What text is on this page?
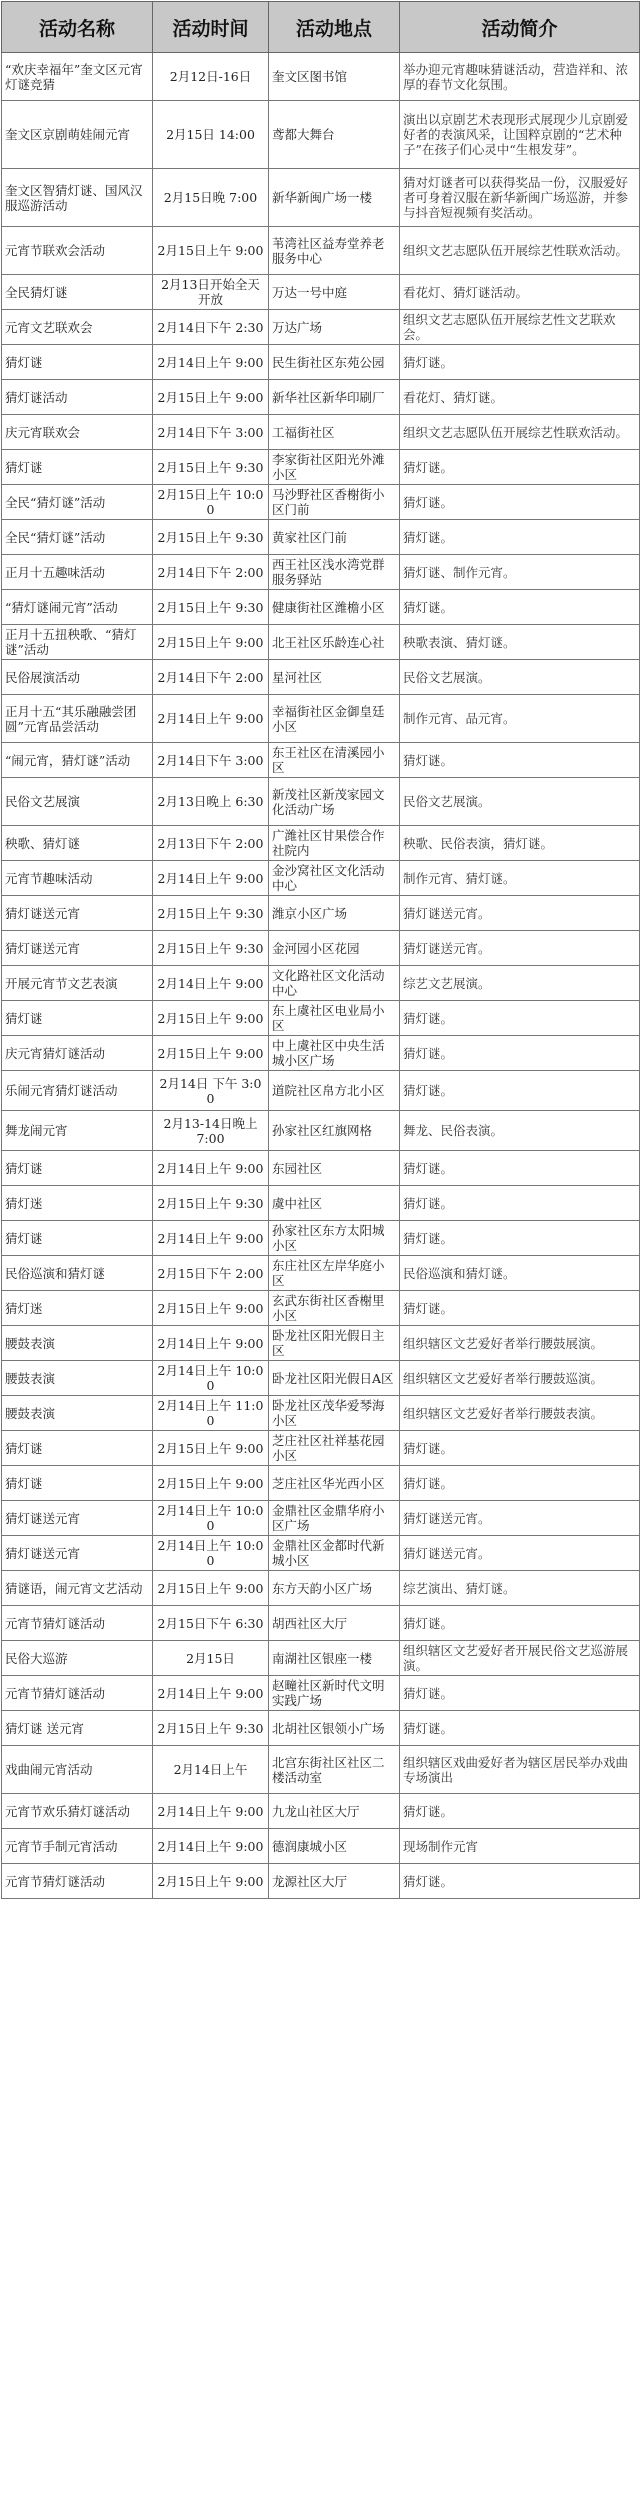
活动名称	活动时间	活动地点	活动简介
“欢庆幸福年”奎文区元宵灯谜竞猜	2月12日-16日	奎文区图书馆	举办迎元宵趣味猜谜活动，营造祥和、浓厚的春节文化氛围。
奎文区京剧萌娃闹元宵	2月15日 14:00	鸢都大舞台	演出以京剧艺术表现形式展现少儿京剧爱好者的表演风采，让国粹京剧的“艺术种子”在孩子们心灵中“生根发芽”。
奎文区智猜灯谜、国风汉服巡游活动	2月15日晚 7:00	新华新闽广场一楼	猜对灯谜者可以获得奖品一份，汉服爱好者可身着汉服在新华新闽广场巡游，并参与抖音短视频有奖活动。
元宵节联欢会活动	2月15日上午 9:00	苇湾社区益寿堂养老服务中心	组织文艺志愿队伍开展综艺性联欢活动。
全民猜灯谜	2月13日开始全天开放	万达一号中庭	看花灯、猜灯谜活动。
元宵文艺联欢会	2月14日下午 2:30	万达广场	组织文艺志愿队伍开展综艺性文艺联欢会。
猜灯谜	2月14日上午 9:00	民生街社区东苑公园	猜灯谜。
猜灯谜活动	2月15日上午 9:00	新华社区新华印刷厂	看花灯、猜灯谜。
庆元宵联欢会	2月14日下午 3:00	工福街社区	组织文艺志愿队伍开展综艺性联欢活动。
猜灯谜	2月15日上午 9:30	李家街社区阳光外滩小区	猜灯谜。
全民“猜灯谜”活动	2月15日上午 10:00	马沙野社区香榭街小区门前	猜灯谜。
全民“猜灯谜”活动	2月15日上午 9:30	黄家社区门前	猜灯谜。
正月十五趣味活动	2月14日下午 2:00	西王社区浅水湾党群服务驿站	猜灯谜、制作元宵。
“猜灯谜闹元宵”活动	2月15日上午 9:30	健康街社区潍檐小区	猜灯谜。
正月十五扭秧歌、“猜灯谜”活动	2月15日上午 9:00	北王社区乐龄连心社	秧歌表演、猜灯谜。
民俗展演活动	2月14日下午 2:00	星河社区	民俗文艺展演。
正月十五“其乐融融尝团圆”元宵品尝活动	2月14日上午 9:00	幸福街社区金御皇廷小区	制作元宵、品元宵。
“闹元宵，猜灯谜”活动	2月14日下午 3:00	东王社区在清溪园小区	猜灯谜。
民俗文艺展演	2月13日晚上 6:30	新茂社区新茂家园文化活动广场	民俗文艺展演。
秧歌、猜灯谜	2月13日下午 2:00	广潍社区甘果偿合作社院内	秧歌、民俗表演，猜灯谜。
元宵节趣味活动	2月14日上午 9:00	金沙窝社区文化活动中心	制作元宵、猜灯谜。
猜灯谜送元宵	2月15日上午 9:30	潍京小区广场	猜灯谜送元宵。
猜灯谜送元宵	2月15日上午 9:30	金河园小区花园	猜灯谜送元宵。
开展元宵节文艺表演	2月14日上午 9:00	文化路社区文化活动中心	综艺文艺展演。
猜灯谜	2月15日上午 9:00	东上虞社区电业局小区	猜灯谜。
庆元宵猜灯谜活动	2月15日上午 9:00	中上虞社区中央生活城小区广场	猜灯谜。
乐闹元宵猜灯谜活动	2月14日 下午 3:00	道院社区帛方北小区	猜灯谜。
舞龙闹元宵	2月13-14日晚上 7:00	孙家社区红旗网格	舞龙、民俗表演。
猜灯谜	2月14日上午 9:00	东园社区	猜灯谜。
猜灯迷	2月15日上午 9:30	虞中社区	猜灯谜。
猜灯谜	2月14日上午 9:00	孙家社区东方太阳城小区	猜灯谜。
民俗巡演和猜灯谜	2月15日下午 2:00	东庄社区左岸华庭小区	民俗巡演和猜灯谜。
猜灯迷	2月15日上午 9:00	玄武东街社区香榭里小区	猜灯谜。
腰鼓表演	2月14日上午 9:00	卧龙社区阳光假日主区	组织辖区文艺爱好者举行腰鼓展演。
腰鼓表演	2月14日上午 10:00	卧龙社区阳光假日A区	组织辖区文艺爱好者举行腰鼓巡演。
腰鼓表演	2月14日上午 11:00	卧龙社区茂华爱琴海小区	组织辖区文艺爱好者举行腰鼓表演。
猜灯谜	2月15日上午 9:00	芝庄社区社祥基花园小区	猜灯谜。
猜灯谜	2月15日上午 9:00	芝庄社区华光西小区	猜灯谜。
猜灯谜送元宵	2月14日上午 10:00	金鼎社区金鼎华府小区广场	猜灯谜送元宵。
猜灯谜送元宵	2月14日上午 10:00	金鼎社区金都时代新城小区	猜灯谜送元宵。
猜谜语，闹元宵文艺活动	2月15日上午 9:00	东方天韵小区广场	综艺演出、猜灯谜。
元宵节猜灯谜活动	2月15日下午 6:30	胡西社区大厅	猜灯谜。
民俗大巡游	2月15日	南湖社区银座一楼	组织辖区文艺爱好者开展民俗文艺巡游展演。
元宵节猜灯谜活动	2月14日上午 9:00	赵疃社区新时代文明实践广场	猜灯谜。
猜灯谜 送元宵	2月15日上午 9:30	北胡社区银领小广场	猜灯谜。
戏曲闹元宵活动	2月14日上午	北宫东街社区社区二楼活动室	组织辖区戏曲爱好者为辖区居民举办戏曲专场演出
元宵节欢乐猜灯谜活动	2月14日上午 9:00	九龙山社区大厅	猜灯谜。
元宵节手制元宵活动	2月14日上午 9:00	德润康城小区	现场制作元宵
元宵节猜灯谜活动	2月15日上午 9:00	龙源社区大厅	猜灯谜。
